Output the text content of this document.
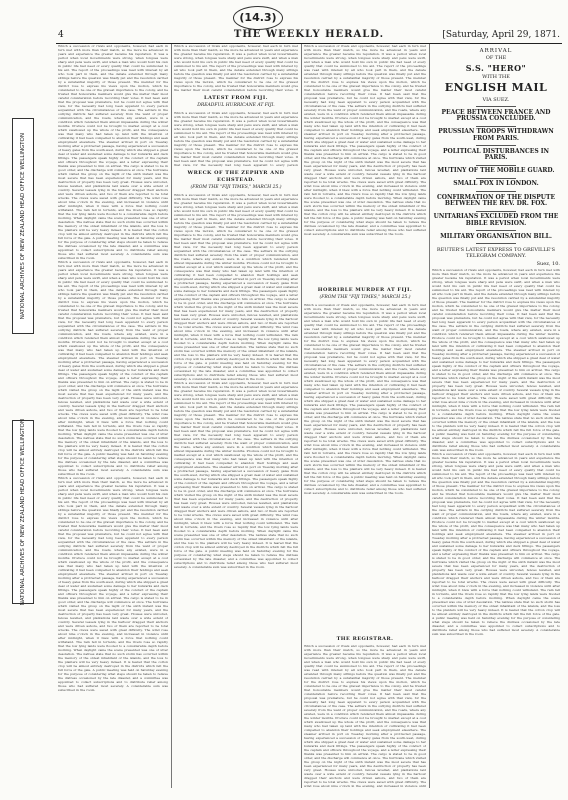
(14.3)
4	THE WEEKLY HERALD.	[Saturday, April 29, 1871.
NATIONAL ARCHIVES OF NEW ZEALAND HEAD OFFICE WELLINGTON
NATIONAL ARCHIVES OF NEW ZEALAND HEAD OFFICE WELLINGTON
Which a succession of rivals and opponents, however, had each in turn met with more than their match, so the more he advanced in years and experience the greater became his reputation. It was a period when local Governments were strong, when tongues were sharp and pens were swift, and when a man who would hold his own in public life had need of every quality that could be summoned to his aid. The report of the proceedings was read with interest by all who took part in them, and the debate extended through many sittings before the question was finally put and the resolution carried by a substantial majority of those present. The member for the district rose to express his views upon the motion, which he considered to be one of the gravest importance to the colony, and he trusted that honourable members would give the matter their most careful consideration before recording their votes. It had been said that the proposal was premature, but he could not agree with that view, for the necessity had long been apparent to every person acquainted with the circumstances of the case. The settlers in the outlying districts had suffered severely from the want of proper communication, and the roads, where any existed, were in a condition which rendered them almost impassable during the winter months. Produce could not be brought to market except at a cost which swallowed up the whole of the profit, and the consequence was that many who had taken up land with the intention of cultivating it had been compelled to abandon their holdings and seek employment elsewhere. The steamer arrived in port on Tuesday morning after a protracted passage, having experienced a succession of heavy gales from the south-west, during which she shipped a great deal of water and sustained some damage to her bulwarks and deck fittings. The passengers speak highly of the conduct of the captain and officers throughout the voyage, and a letter expressing their thanks was presented to him on arrival. The cargo is stated to be in good order, and the discharge will commence at once. The hurricane which visited the group on the night of the sixth instant was the most severe that has been experienced for many years, and the destruction of property has been very great. Houses were unroofed, fences levelled, and plantations laid waste over a wide extent of country. Several vessels lying in the harbour dragged their anchors and were driven ashore, and two of them are reported to be total wrecks. The crews were saved with great difficulty. The wind rose about nine o'clock in the evening, and increased in violence until after midnight, when it blew with a force that nothing could withstand. The rain fell in torrents, and the rivers rose so rapidly that the low lying lands were flooded to a considerable depth before morning. When daylight came the scene presented was one of utter desolation. The natives state that no such storm has occurred within the memory of the oldest inhabitant of the islands, and the loss to the planters will be very heavy indeed. It is feared that the cotton crop will be almost entirely destroyed in the districts which felt the full force of the gale. A public meeting was held on Saturday evening for the purpose of considering what steps should be taken to relieve the distress occasioned by the late disaster, and a committee was appointed to collect subscriptions and to distribute relief among those who had suffered most severely. A considerable sum was subscribed in the room.
Which a succession of rivals and opponents, however, had each in turn met with more than their match, so the more he advanced in years and experience the greater became his reputation. It was a period when local Governments were strong, when tongues were sharp and pens were swift, and when a man who would hold his own in public life had need of every quality that could be summoned to his aid. The report of the proceedings was read with interest by all who took part in them, and the debate extended through many sittings before the question was finally put and the resolution carried by a substantial majority of those present. The member for the district rose to express his views upon the motion, which he considered to be one of the gravest importance to the colony, and he trusted that honourable members would give the matter their most careful consideration before recording their votes. It had been said that the proposal was premature, but he could not agree with that view, for the necessity had long been apparent to every person acquainted with the circumstances of the case. The settlers in the outlying districts had suffered severely from the want of proper communication, and the roads, where any existed, were in a condition which rendered them almost impassable during the winter months. Produce could not be brought to market except at a cost which swallowed up the whole of the profit, and the consequence was that many who had taken up land with the intention of cultivating it had been compelled to abandon their holdings and seek employment elsewhere. The steamer arrived in port on Tuesday morning after a protracted passage, having experienced a succession of heavy gales from the south-west, during which she shipped a great deal of water and sustained some damage to her bulwarks and deck fittings. The passengers speak highly of the conduct of the captain and officers throughout the voyage, and a letter expressing their thanks was presented to him on arrival. The cargo is stated to be in good order, and the discharge will commence at once. The hurricane which visited the group on the night of the sixth instant was the most severe that has been experienced for many years, and the destruction of property has been very great. Houses were unroofed, fences levelled, and plantations laid waste over a wide extent of country. Several vessels lying in the harbour dragged their anchors and were driven ashore, and two of them are reported to be total wrecks. The crews were saved with great difficulty. The wind rose about nine o'clock in the evening, and increased in violence until after midnight, when it blew with a force that nothing could withstand. The rain fell in torrents, and the rivers rose so rapidly that the low lying lands were flooded to a considerable depth before morning. When daylight came the scene presented was one of utter desolation. The natives state that no such storm has occurred within the memory of the oldest inhabitant of the islands, and the loss to the planters will be very heavy indeed. It is feared that the cotton crop will be almost entirely destroyed in the districts which felt the full force of the gale. A public meeting was held on Saturday evening for the purpose of considering what steps should be taken to relieve the distress occasioned by the late disaster, and a committee was appointed to collect subscriptions and to distribute relief among those who had suffered most severely. A considerable sum was subscribed in the room.
Which a succession of rivals and opponents, however, had each in turn met with more than their match, so the more he advanced in years and experience the greater became his reputation. It was a period when local Governments were strong, when tongues were sharp and pens were swift, and when a man who would hold his own in public life had need of every quality that could be summoned to his aid. The report of the proceedings was read with interest by all who took part in them, and the debate extended through many sittings before the question was finally put and the resolution carried by a substantial majority of those present. The member for the district rose to express his views upon the motion, which he considered to be one of the gravest importance to the colony, and he trusted that honourable members would give the matter their most careful consideration before recording their votes. It had been said that the proposal was premature, but he could not agree with that view, for the necessity had long been apparent to every person acquainted with the circumstances of the case. The settlers in the outlying districts had suffered severely from the want of proper communication, and the roads, where any existed, were in a condition which rendered them almost impassable during the winter months. Produce could not be brought to market except at a cost which swallowed up the whole of the profit, and the consequence was that many who had taken up land with the intention of cultivating it had been compelled to abandon their holdings and seek employment elsewhere. The steamer arrived in port on Tuesday morning after a protracted passage, having experienced a succession of heavy gales from the south-west, during which she shipped a great deal of water and sustained some damage to her bulwarks and deck fittings. The passengers speak highly of the conduct of the captain and officers throughout the voyage, and a letter expressing their thanks was presented to him on arrival. The cargo is stated to be in good order, and the discharge will commence at once. The hurricane which visited the group on the night of the sixth instant was the most severe that has been experienced for many years, and the destruction of property has been very great. Houses were unroofed, fences levelled, and plantations laid waste over a wide extent of country. Several vessels lying in the harbour dragged their anchors and were driven ashore, and two of them are reported to be total wrecks. The crews were saved with great difficulty. The wind rose about nine o'clock in the evening, and increased in violence until after midnight, when it blew with a force that nothing could withstand. The rain fell in torrents, and the rivers rose so rapidly that the low lying lands were flooded to a considerable depth before morning. When daylight came the scene presented was one of utter desolation. The natives state that no such storm has occurred within the memory of the oldest inhabitant of the islands, and the loss to the planters will be very heavy indeed. It is feared that the cotton crop will be almost entirely destroyed in the districts which felt the full force of the gale. A public meeting was held on Saturday evening for the purpose of considering what steps should be taken to relieve the distress occasioned by the late disaster, and a committee was appointed to collect subscriptions and to distribute relief among those who had suffered most severely. A considerable sum was subscribed in the room.
Which a succession of rivals and opponents, however, had each in turn met with more than their match, so the more he advanced in years and experience the greater became his reputation. It was a period when local Governments were strong, when tongues were sharp and pens were swift, and when a man who would hold his own in public life had need of every quality that could be summoned to his aid. The report of the proceedings was read with interest by all who took part in them, and the debate extended through many sittings before the question was finally put and the resolution carried by a substantial majority of those present. The member for the district rose to express his views upon the motion, which he considered to be one of the gravest importance to the colony, and he trusted that honourable members would give the matter their most careful consideration before recording their votes. It
LATEST FROM FIJI.
DREADFUL HURRICANE AT FIJI.
Which a succession of rivals and opponents, however, had each in turn met with more than their match, so the more he advanced in years and experience the greater became his reputation. It was a period when local Governments were strong, when tongues were sharp and pens were swift, and when a man who would hold his own in public life had need of every quality that could be summoned to his aid. The report of the proceedings was read with interest by all who took part in them, and the debate extended through many sittings before the question was finally put and the resolution carried by a substantial majority of those present. The member for the district rose to express his views upon the motion, which he considered to be one of the gravest importance to the colony, and he trusted that honourable members would give the matter their most careful consideration before recording their votes. It had been said that the proposal was premature, but he could not agree with that view, for the necessity had long been apparent to every person
WRECK OF THE ZEPHYR AND ECHSTEAD.
(FROM THE "FIJI TIMES," MARCH 25.)
Which a succession of rivals and opponents, however, had each in turn met with more than their match, so the more he advanced in years and experience the greater became his reputation. It was a period when local Governments were strong, when tongues were sharp and pens were swift, and when a man who would hold his own in public life had need of every quality that could be summoned to his aid. The report of the proceedings was read with interest by all who took part in them, and the debate extended through many sittings before the question was finally put and the resolution carried by a substantial majority of those present. The member for the district rose to express his views upon the motion, which he considered to be one of the gravest importance to the colony, and he trusted that honourable members would give the matter their most careful consideration before recording their votes. It had been said that the proposal was premature, but he could not agree with that view, for the necessity had long been apparent to every person acquainted with the circumstances of the case. The settlers in the outlying districts had suffered severely from the want of proper communication, and the roads, where any existed, were in a condition which rendered them almost impassable during the winter months. Produce could not be brought to market except at a cost which swallowed up the whole of the profit, and the consequence was that many who had taken up land with the intention of cultivating it had been compelled to abandon their holdings and seek employment elsewhere. The steamer arrived in port on Tuesday morning after a protracted passage, having experienced a succession of heavy gales from the south-west, during which she shipped a great deal of water and sustained some damage to her bulwarks and deck fittings. The passengers speak highly of the conduct of the captain and officers throughout the voyage, and a letter expressing their thanks was presented to him on arrival. The cargo is stated to be in good order, and the discharge will commence at once. The hurricane which visited the group on the night of the sixth instant was the most severe that has been experienced for many years, and the destruction of property has been very great. Houses were unroofed, fences levelled, and plantations laid waste over a wide extent of country. Several vessels lying in the harbour dragged their anchors and were driven ashore, and two of them are reported to be total wrecks. The crews were saved with great difficulty. The wind rose about nine o'clock in the evening, and increased in violence until after midnight, when it blew with a force that nothing could withstand. The rain fell in torrents, and the rivers rose so rapidly that the low lying lands were flooded to a considerable depth before morning. When daylight came the scene presented was one of utter desolation. The natives state that no such storm has occurred within the memory of the oldest inhabitant of the islands, and the loss to the planters will be very heavy indeed. It is feared that the cotton crop will be almost entirely destroyed in the districts which felt the full force of the gale. A public meeting was held on Saturday evening for the purpose of considering what steps should be taken to relieve the distress occasioned by the late disaster, and a committee was appointed to collect subscriptions and to distribute relief among those who had suffered most severely. A considerable sum was subscribed in the room.
Which a succession of rivals and opponents, however, had each in turn met with more than their match, so the more he advanced in years and experience the greater became his reputation. It was a period when local Governments were strong, when tongues were sharp and pens were swift, and when a man who would hold his own in public life had need of every quality that could be summoned to his aid. The report of the proceedings was read with interest by all who took part in them, and the debate extended through many sittings before the question was finally put and the resolution carried by a substantial majority of those present. The member for the district rose to express his views upon the motion, which he considered to be one of the gravest importance to the colony, and he trusted that honourable members would give the matter their most careful consideration before recording their votes. It had been said that the proposal was premature, but he could not agree with that view, for the necessity had long been apparent to every person acquainted with the circumstances of the case. The settlers in the outlying districts had suffered severely from the want of proper communication, and the roads, where any existed, were in a condition which rendered them almost impassable during the winter months. Produce could not be brought to market except at a cost which swallowed up the whole of the profit, and the consequence was that many who had taken up land with the intention of cultivating it had been compelled to abandon their holdings and seek employment elsewhere. The steamer arrived in port on Tuesday morning after a protracted passage, having experienced a succession of heavy gales from the south-west, during which she shipped a great deal of water and sustained some damage to her bulwarks and deck fittings. The passengers speak highly of the conduct of the captain and officers throughout the voyage, and a letter expressing their thanks was presented to him on arrival. The cargo is stated to be in good order, and the discharge will commence at once. The hurricane which visited the group on the night of the sixth instant was the most severe that has been experienced for many years, and the destruction of property has been very great. Houses were unroofed, fences levelled, and plantations laid waste over a wide extent of country. Several vessels lying in the harbour dragged their anchors and were driven ashore, and two of them are reported to be total wrecks. The crews were saved with great difficulty. The wind rose about nine o'clock in the evening, and increased in violence until after midnight, when it blew with a force that nothing could withstand. The rain fell in torrents, and the rivers rose so rapidly that the low lying lands were flooded to a considerable depth before morning. When daylight came the scene presented was one of utter desolation. The natives state that no such storm has occurred within the memory of the oldest inhabitant of the islands, and the loss to the planters will be very heavy indeed. It is feared that the cotton crop will be almost entirely destroyed in the districts which felt the full force of the gale. A public meeting was held on Saturday evening for the purpose of considering what steps should be taken to relieve the distress occasioned by the late disaster, and a committee was appointed to collect subscriptions and to distribute relief among those who had suffered most severely. A considerable sum was subscribed in the room.
Which a succession of rivals and opponents, however, had each in turn met with more than their match, so the more he advanced in years and experience the greater became his reputation. It was a period when local Governments were strong, when tongues were sharp and pens were swift, and when a man who would hold his own in public life had need of every quality that could be summoned to his aid. The report of the proceedings was read with interest by all who took part in them, and the debate extended through many sittings before the question was finally put and the resolution carried by a substantial majority of those present. The member for the district rose to express his views upon the motion, which he considered to be one of the gravest importance to the colony, and he trusted that honourable members would give the matter their most careful consideration before recording their votes. It had been said that the proposal was premature, but he could not agree with that view, for the necessity had long been apparent to every person acquainted with the circumstances of the case. The settlers in the outlying districts had suffered severely from the want of proper communication, and the roads, where any existed, were in a condition which rendered them almost impassable during the winter months. Produce could not be brought to market except at a cost which swallowed up the whole of the profit, and the consequence was that many who had taken up land with the intention of cultivating it had been compelled to abandon their holdings and seek employment elsewhere. The steamer arrived in port on Tuesday morning after a protracted passage, having experienced a succession of heavy gales from the south-west, during which she shipped a great deal of water and sustained some damage to her bulwarks and deck fittings. The passengers speak highly of the conduct of the captain and officers throughout the voyage, and a letter expressing their thanks was presented to him on arrival. The cargo is stated to be in good order, and the discharge will commence at once. The hurricane which visited the group on the night of the sixth instant was the most severe that has been experienced for many years, and the destruction of property has been very great. Houses were unroofed, fences levelled, and plantations laid waste over a wide extent of country. Several vessels lying in the harbour dragged their anchors and were driven ashore, and two of them are reported to be total wrecks. The crews were saved with great difficulty. The wind rose about nine o'clock in the evening, and increased in violence until after midnight, when it blew with a force that nothing could withstand. The rain fell in torrents, and the rivers rose so rapidly that the low lying lands were flooded to a considerable depth before morning. When daylight came the scene presented was one of utter desolation. The natives state that no such storm has occurred within the memory of the oldest inhabitant of the islands, and the loss to the planters will be very heavy indeed. It is feared that the cotton crop will be almost entirely destroyed in the districts which felt the full force of the gale. A public meeting was held on Saturday evening for the purpose of considering what steps should be taken to relieve the distress occasioned by the late disaster, and a committee was appointed to collect subscriptions and to distribute relief among those who had suffered most severely. A considerable sum was subscribed in the room.
HORRIBLE MURDER AT FIJI.
(FROM THE "FIJI TIMES," MARCH 25.)
Which a succession of rivals and opponents, however, had each in turn met with more than their match, so the more he advanced in years and experience the greater became his reputation. It was a period when local Governments were strong, when tongues were sharp and pens were swift, and when a man who would hold his own in public life had need of every quality that could be summoned to his aid. The report of the proceedings was read with interest by all who took part in them, and the debate extended through many sittings before the question was finally put and the resolution carried by a substantial majority of those present. The member for the district rose to express his views upon the motion, which he considered to be one of the gravest importance to the colony, and he trusted that honourable members would give the matter their most careful consideration before recording their votes. It had been said that the proposal was premature, but he could not agree with that view, for the necessity had long been apparent to every person acquainted with the circumstances of the case. The settlers in the outlying districts had suffered severely from the want of proper communication, and the roads, where any existed, were in a condition which rendered them almost impassable during the winter months. Produce could not be brought to market except at a cost which swallowed up the whole of the profit, and the consequence was that many who had taken up land with the intention of cultivating it had been compelled to abandon their holdings and seek employment elsewhere. The steamer arrived in port on Tuesday morning after a protracted passage, having experienced a succession of heavy gales from the south-west, during which she shipped a great deal of water and sustained some damage to her bulwarks and deck fittings. The passengers speak highly of the conduct of the captain and officers throughout the voyage, and a letter expressing their thanks was presented to him on arrival. The cargo is stated to be in good order, and the discharge will commence at once. The hurricane which visited the group on the night of the sixth instant was the most severe that has been experienced for many years, and the destruction of property has been very great. Houses were unroofed, fences levelled, and plantations laid waste over a wide extent of country. Several vessels lying in the harbour dragged their anchors and were driven ashore, and two of them are reported to be total wrecks. The crews were saved with great difficulty. The wind rose about nine o'clock in the evening, and increased in violence until after midnight, when it blew with a force that nothing could withstand. The rain fell in torrents, and the rivers rose so rapidly that the low lying lands were flooded to a considerable depth before morning. When daylight came the scene presented was one of utter desolation. The natives state that no such storm has occurred within the memory of the oldest inhabitant of the islands, and the loss to the planters will be very heavy indeed. It is feared that the cotton crop will be almost entirely destroyed in the districts which felt the full force of the gale. A public meeting was held on Saturday evening for the purpose of considering what steps should be taken to relieve the distress occasioned by the late disaster, and a committee was appointed to collect subscriptions and to distribute relief among those who had suffered most severely. A considerable sum was subscribed in the room.
THE REGISTRAR.
Which a succession of rivals and opponents, however, had each in turn met with more than their match, so the more he advanced in years and experience the greater became his reputation. It was a period when local Governments were strong, when tongues were sharp and pens were swift, and when a man who would hold his own in public life had need of every quality that could be summoned to his aid. The report of the proceedings was read with interest by all who took part in them, and the debate extended through many sittings before the question was finally put and the resolution carried by a substantial majority of those present. The member for the district rose to express his views upon the motion, which he considered to be one of the gravest importance to the colony, and he trusted that honourable members would give the matter their most careful consideration before recording their votes. It had been said that the proposal was premature, but he could not agree with that view, for the necessity had long been apparent to every person acquainted with the circumstances of the case. The settlers in the outlying districts had suffered severely from the want of proper communication, and the roads, where any existed, were in a condition which rendered them almost impassable during the winter months. Produce could not be brought to market except at a cost which swallowed up the whole of the profit, and the consequence was that many who had taken up land with the intention of cultivating it had been compelled to abandon their holdings and seek employment elsewhere. The steamer arrived in port on Tuesday morning after a protracted passage, having experienced a succession of heavy gales from the south-west, during which she shipped a great deal of water and sustained some damage to her bulwarks and deck fittings. The passengers speak highly of the conduct of the captain and officers throughout the voyage, and a letter expressing their thanks was presented to him on arrival. The cargo is stated to be in good order, and the discharge will commence at once. The hurricane which visited the group on the night of the sixth instant was the most severe that has been experienced for many years, and the destruction of property has been very great. Houses were unroofed, fences levelled, and plantations laid waste over a wide extent of country. Several vessels lying in the harbour dragged their anchors and were driven ashore, and two of them are reported to be total wrecks. The crews were saved with great difficulty. The wind rose about nine o'clock in the evening, and increased in violence until
ARRIVAL
OF THE
S.S. "HERO"
WITH THE
ENGLISH MAIL
VIA SUEZ.
PEACE BETWEEN FRANCE AND PRUSSIA CONCLUDED.
PRUSSIAN TROOPS WITHDRAWN FROM PARIS.
POLITICAL DISTURBANCES IN PARIS.
MUTINY OF THE MOBILE GUARD.
SMALL POX IN LONDON.
CONFIRMATION OF THE DISPUTE BETWEEN THE REV. DR. FOX.
UNITARIANS EXCLUDED FROM THE BIBLE REVISION.
MILITARY ORGANISATION BILL.
REUTER'S LATEST EXPRESS TO GREVILLE'S TELEGRAM COMPANY.
Suez, 10.
Which a succession of rivals and opponents, however, had each in turn met with more than their match, so the more he advanced in years and experience the greater became his reputation. It was a period when local Governments were strong, when tongues were sharp and pens were swift, and when a man who would hold his own in public life had need of every quality that could be summoned to his aid. The report of the proceedings was read with interest by all who took part in them, and the debate extended through many sittings before the question was finally put and the resolution carried by a substantial majority of those present. The member for the district rose to express his views upon the motion, which he considered to be one of the gravest importance to the colony, and he trusted that honourable members would give the matter their most careful consideration before recording their votes. It had been said that the proposal was premature, but he could not agree with that view, for the necessity had long been apparent to every person acquainted with the circumstances of the case. The settlers in the outlying districts had suffered severely from the want of proper communication, and the roads, where any existed, were in a condition which rendered them almost impassable during the winter months. Produce could not be brought to market except at a cost which swallowed up the whole of the profit, and the consequence was that many who had taken up land with the intention of cultivating it had been compelled to abandon their holdings and seek employment elsewhere. The steamer arrived in port on Tuesday morning after a protracted passage, having experienced a succession of heavy gales from the south-west, during which she shipped a great deal of water and sustained some damage to her bulwarks and deck fittings. The passengers speak highly of the conduct of the captain and officers throughout the voyage, and a letter expressing their thanks was presented to him on arrival. The cargo is stated to be in good order, and the discharge will commence at once. The hurricane which visited the group on the night of the sixth instant was the most severe that has been experienced for many years, and the destruction of property has been very great. Houses were unroofed, fences levelled, and plantations laid waste over a wide extent of country. Several vessels lying in the harbour dragged their anchors and were driven ashore, and two of them are reported to be total wrecks. The crews were saved with great difficulty. The wind rose about nine o'clock in the evening, and increased in violence until after midnight, when it blew with a force that nothing could withstand. The rain fell in torrents, and the rivers rose so rapidly that the low lying lands were flooded to a considerable depth before morning. When daylight came the scene presented was one of utter desolation. The natives state that no such storm has occurred within the memory of the oldest inhabitant of the islands, and the loss to the planters will be very heavy indeed. It is feared that the cotton crop will be almost entirely destroyed in the districts which felt the full force of the gale. A public meeting was held on Saturday evening for the purpose of considering what steps should be taken to relieve the distress occasioned by the late disaster, and a committee was appointed to collect subscriptions and to distribute relief among those who had suffered most severely. A considerable sum was subscribed in the room.
Which a succession of rivals and opponents, however, had each in turn met with more than their match, so the more he advanced in years and experience the greater became his reputation. It was a period when local Governments were strong, when tongues were sharp and pens were swift, and when a man who would hold his own in public life had need of every quality that could be summoned to his aid. The report of the proceedings was read with interest by all who took part in them, and the debate extended through many sittings before the question was finally put and the resolution carried by a substantial majority of those present. The member for the district rose to express his views upon the motion, which he considered to be one of the gravest importance to the colony, and he trusted that honourable members would give the matter their most careful consideration before recording their votes. It had been said that the proposal was premature, but he could not agree with that view, for the necessity had long been apparent to every person acquainted with the circumstances of the case. The settlers in the outlying districts had suffered severely from the want of proper communication, and the roads, where any existed, were in a condition which rendered them almost impassable during the winter months. Produce could not be brought to market except at a cost which swallowed up the whole of the profit, and the consequence was that many who had taken up land with the intention of cultivating it had been compelled to abandon their holdings and seek employment elsewhere. The steamer arrived in port on Tuesday morning after a protracted passage, having experienced a succession of heavy gales from the south-west, during which she shipped a great deal of water and sustained some damage to her bulwarks and deck fittings. The passengers speak highly of the conduct of the captain and officers throughout the voyage, and a letter expressing their thanks was presented to him on arrival. The cargo is stated to be in good order, and the discharge will commence at once. The hurricane which visited the group on the night of the sixth instant was the most severe that has been experienced for many years, and the destruction of property has been very great. Houses were unroofed, fences levelled, and plantations laid waste over a wide extent of country. Several vessels lying in the harbour dragged their anchors and were driven ashore, and two of them are reported to be total wrecks. The crews were saved with great difficulty. The wind rose about nine o'clock in the evening, and increased in violence until after midnight, when it blew with a force that nothing could withstand. The rain fell in torrents, and the rivers rose so rapidly that the low lying lands were flooded to a considerable depth before morning. When daylight came the scene presented was one of utter desolation. The natives state that no such storm has occurred within the memory of the oldest inhabitant of the islands, and the loss to the planters will be very heavy indeed. It is feared that the cotton crop will be almost entirely destroyed in the districts which felt the full force of the gale. A public meeting was held on Saturday evening for the purpose of considering what steps should be taken to relieve the distress occasioned by the late disaster, and a committee was appointed to collect subscriptions and to distribute relief among those who had suffered most severely. A considerable sum was subscribed in the room.
